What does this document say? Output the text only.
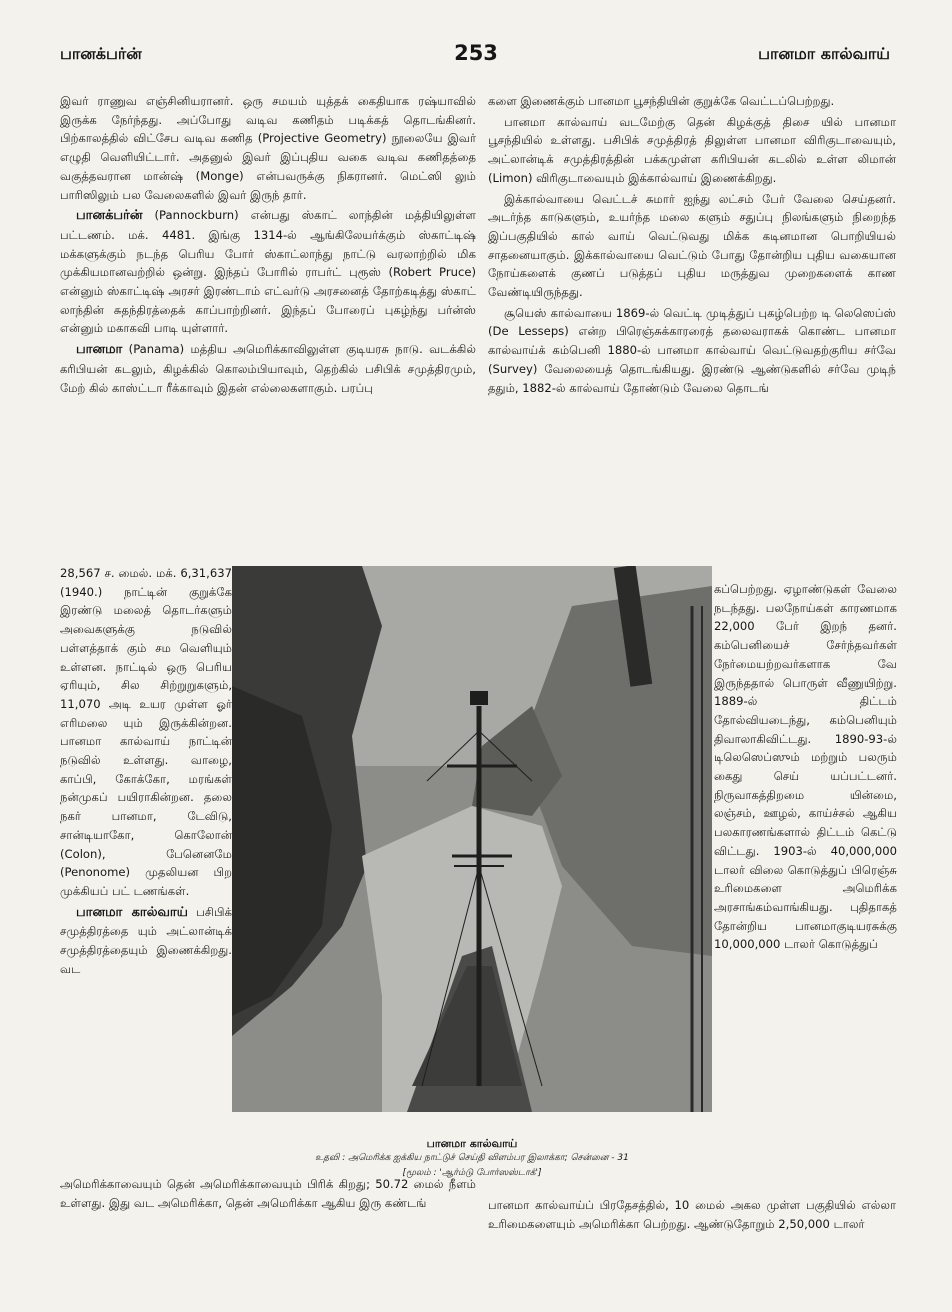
பானக்பர்ன்	253	பானமா கால்வாய்

இவர் ராணுவ எஞ்சினியரானர். ஒரு சமயம் யுத்தக் கைதியாக ரஷ்யாவில் இருக்க நேர்ந்தது. அப்போது வடிவ கணிதம் படிக்கத் தொடங்கினர். பிற்காலத்தில் விட்சேப வடிவ கணித (Projective Geometry) நூலையே இவர் எழுதி வெளியிட்டார். அதனுல் இவர் இப்புதிய வகை வடிவ கணிதத்தை வகுத்தவரான மான்ஷ் (Monge) என்பவருக்கு நிகரானர். மெட்ஸி லும் பாரிஸிலும் பல வேலைகளில் இவர் இருந் தார்.

பானக்பர்ன் (Pannockburn) என்பது ஸ்காட் லாந்தின் மத்தியிலுள்ள பட்டணம். மக். 4481. இங்கு 1314-ல் ஆங்கிலேயர்க்கும் ஸ்காட்டிஷ் மக்களுக்கும் நடந்த பெரிய போர் ஸ்காட்லாந்து நாட்டு வரலாற்றில் மிக முக்கியமானவற்றில் ஒன்று. இந்தப் போரில் ராபர்ட் புரூஸ் (Robert Pruce) என்னும் ஸ்காட்டிஷ் அரசர் இரண்டாம் எட்வர்டு அரசனைத் தோற்கடித்து ஸ்காட் லாந்தின் சுதந்திரத்தைக் காப்பாற்றினர். இந்தப் போரைப் புகழ்ந்து பர்ன்ஸ் என்னும் மகாகவி பாடி யுள்ளார்.

பானமா (Panama) மத்திய அமெரிக்காவிலுள்ள குடியரசு நாடு. வடக்கில் கரிபியன் கடலும், கிழக்கில் கொலம்பியாவும், தெற்கில் பசிபிக் சமுத்திரமும், மேற் கில் காஸ்ட்டா ரீக்காவும் இதன் எல்லைகளாகும். பரப்பு

28,567 ச. மைல். மக். 6,31,637 (1940.) நாட்டின் குறுக்கே இரண்டு மலைத் தொடர்களும் அவைகளுக்கு நடுவில் பள்ளத்தாக் கும் சம வெளியும் உள்ளன. நாட்டில் ஒரு பெரிய ஏரியும், சில சிற்றுறுகளும், 11,070 அடி உயர முள்ள ஓர் எரிமலை யும் இருக்கின்றன. பானமா கால்வாய் நாட்டின் நடுவில் உள்ளது. வாழை, காப்பி, கோக்கோ, மரங்கள் நன்முகப் பயிராகின்றன. தலை நகர் பானமா, டேவிடு, சான்டியாகோ, கொலோன் (Colon), பேனெனமே (Penonome) முதலியன பிற முக்கியப் பட் டணங்கள்.

பானமா கால்வாய் பசிபிக் சமுத்திரத்தை யும் அட்லான்டிக் சமுத்திரத்தையும் இணைக்கிறது. வட

அமெரிக்காவையும் தென் அமெரிக்காவையும் பிரிக் கிறது; 50.72 மைல் நீளம் உள்ளது. இது வட அமெரிக்கா, தென் அமெரிக்கா ஆகிய இரு கண்டங்

களை இணைக்கும் பானமா பூசந்தியின் குறுக்கே வெட்டப்பெற்றது.

பானமா கால்வாய் வடமேற்கு தென் கிழக்குத் திசை யில் பானமா பூசந்தியில் உள்ளது. பசிபிக் சமுத்திரத் திலுள்ள பானமா விரிகுடாவையும், அட்லான்டிக் சமுத்திரத்தின் பக்கமுள்ள கரிபியன் கடலில் உள்ள லிமான் (Limon) விரிகுடாவையும் இக்கால்வாய் இணைக்கிறது.

இக்கால்வாயை வெட்டச் சுமார் ஐந்து லட்சம் பேர் வேலை செய்தனர். அடர்ந்த காடுகளும், உயர்ந்த மலை களும் சதுப்பு நிலங்களும் நிறைந்த இப்பகுதியில் கால் வாய் வெட்டுவது மிக்க கடினமான பொறியியல் சாதனையாகும். இக்கால்வாயை வெட்டும் போது தோன்றிய புதிய வகையான நோய்களைக் குணப் படுத்தப் புதிய மருத்துவ முறைகளைக் காண வேண்டியிருந்தது.

சூயெஸ் கால்வாயை 1869-ல் வெட்டி முடித்துப் புகழ்பெற்ற டி லெஸெப்ஸ் (De Lesseps) என்ற பிரெஞ்சுக்காரரைத் தலைவராகக் கொண்ட பானமா கால்வாய்க் கம்பெனி 1880-ல் பானமா கால்வாய் வெட்டுவதற்குரிய சர்வே (Survey) வேலையைத் தொடங்கியது. இரண்டு ஆண்டுகளில் சர்வே முடிந் ததும், 1882-ல் கால்வாய் தோண்டும் வேலை தொடங்

கப்பெற்றது. ஏழாண்டுகள் வேலை நடந்தது. பலநோய்கள் காரணமாக 22,000 பேர் இறந் தனர். கம்பெனியைச் சேர்ந்தவர்கள் நேர்மையற்றவர்களாக வே இருந்ததால் பொருள் வீணுயிற்று. 1889-ல் திட்டம் தோல்வியடைந்து, கம்பெனியும் திவாலாகிவிட்டது. 1890-93-ல் டிலெஸெப்ஸும் மற்றும் பலரும் கைது செய் யப்பட்டனர். நிருவாகத்திறமை யின்மை, லஞ்சம், ஊழல், காய்ச்சல் ஆகிய பலகாரணங்களால் திட்டம் கெட்டு விட்டது. 1903-ல் 40,000,000 டாலர் விலை கொடுத்துப் பிரெஞ்சு உரிமைகளை அமெரிக்க அரசாங்கம்வாங்கியது. புதிதாகத் தோன்றிய பானமாகுடியரசுக்கு 10,000,000 டாலர் கொடுத்துப்

பானமா கால்வாய்ப் பிரதேசத்தில், 10 மைல் அகல முள்ள பகுதியில் எல்லா உரிமைகளையும் அமெரிக்கா பெற்றது. ஆண்டுதோறும் 2,50,000 டாலர்

பானமா கால்வாய்
உதவி : அமெரிக்க ஐக்கிய நாட்டுச் செய்தி விளம்பர இலாக்கா; சென்னை - 31
[மூலம் : 'ஆர்ம்டு போர்ஸஸ்டாக்']
